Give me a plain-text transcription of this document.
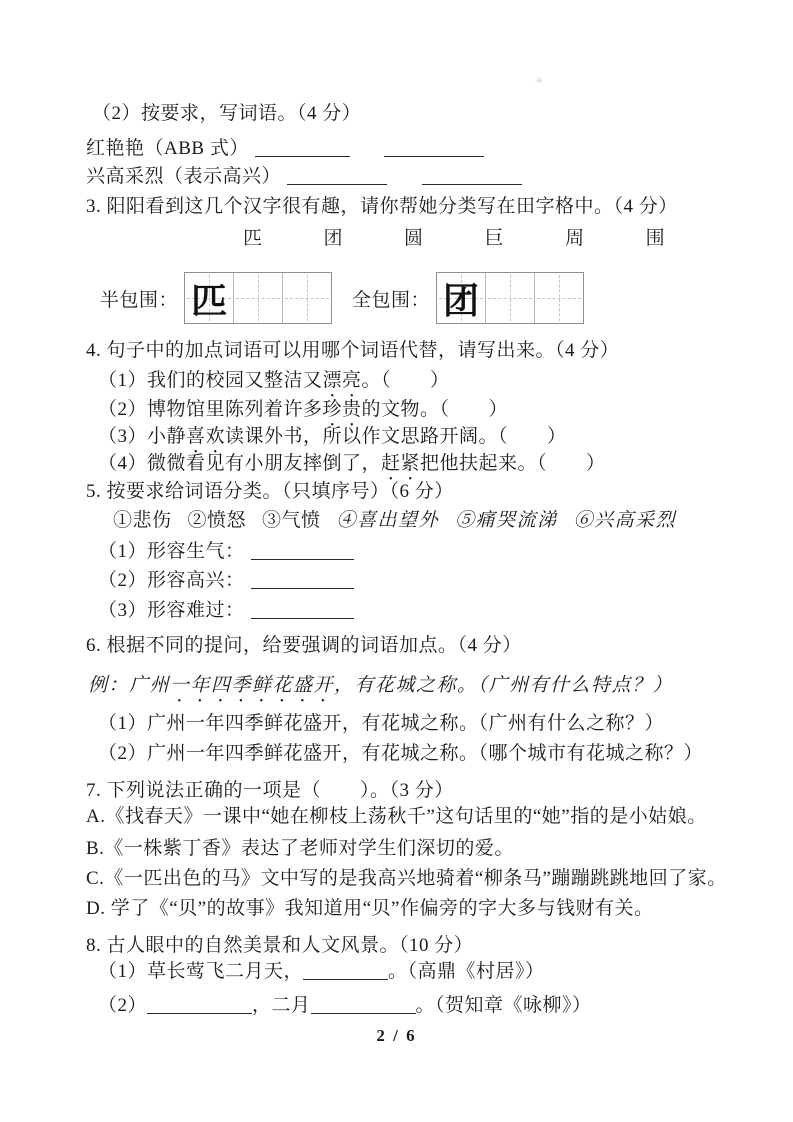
✳
（2）按要求，写词语。（4 分）
红艳艳（ABB 式）
兴高采烈（表示高兴）
3. 阳阳看到这几个汉字很有趣，请你帮她分类写在田字格中。（4 分）
匹	团	圆	巨	周	围
半包围： 匹	全包围： 团
4. 句子中的加点词语可以用哪个词语代替，请写出来。（4 分）
（1）我们的校园又整洁又漂亮。（　　）
（2）博物馆里陈列着许多珍贵的文物。（　　）
（3）小静喜欢读课外书，所以作文思路开阔。（　　）
（4）微微看见有小朋友摔倒了，赶紧把他扶起来。（　　）
5. 按要求给词语分类。（只填序号）（6 分）
①悲伤 ②愤怒 ③气愤 ④喜出望外 ⑤痛哭流涕 ⑥兴高采烈
（1）形容生气：
（2）形容高兴：
（3）形容难过：
6. 根据不同的提问，给要强调的词语加点。（4 分）
例：广州一年四季鲜花盛开，有花城之称。（广州有什么特点？）
（1）广州一年四季鲜花盛开，有花城之称。（广州有什么之称？）
（2）广州一年四季鲜花盛开，有花城之称。（哪个城市有花城之称？）
7. 下列说法正确的一项是（　　）。（3 分）
A.《找春天》一课中“她在柳枝上荡秋千”这句话里的“她”指的是小姑娘。
B.《一株紫丁香》表达了老师对学生们深切的爱。
C.《一匹出色的马》文中写的是我高兴地骑着“柳条马”蹦蹦跳跳地回了家。
D. 学了《“贝”的故事》我知道用“贝”作偏旁的字大多与钱财有关。
8. 古人眼中的自然美景和人文风景。（10 分）
（1）草长莺飞二月天，	。（高鼎《村居》）
（2）	，二月	。（贺知章《咏柳》）
2 / 6
